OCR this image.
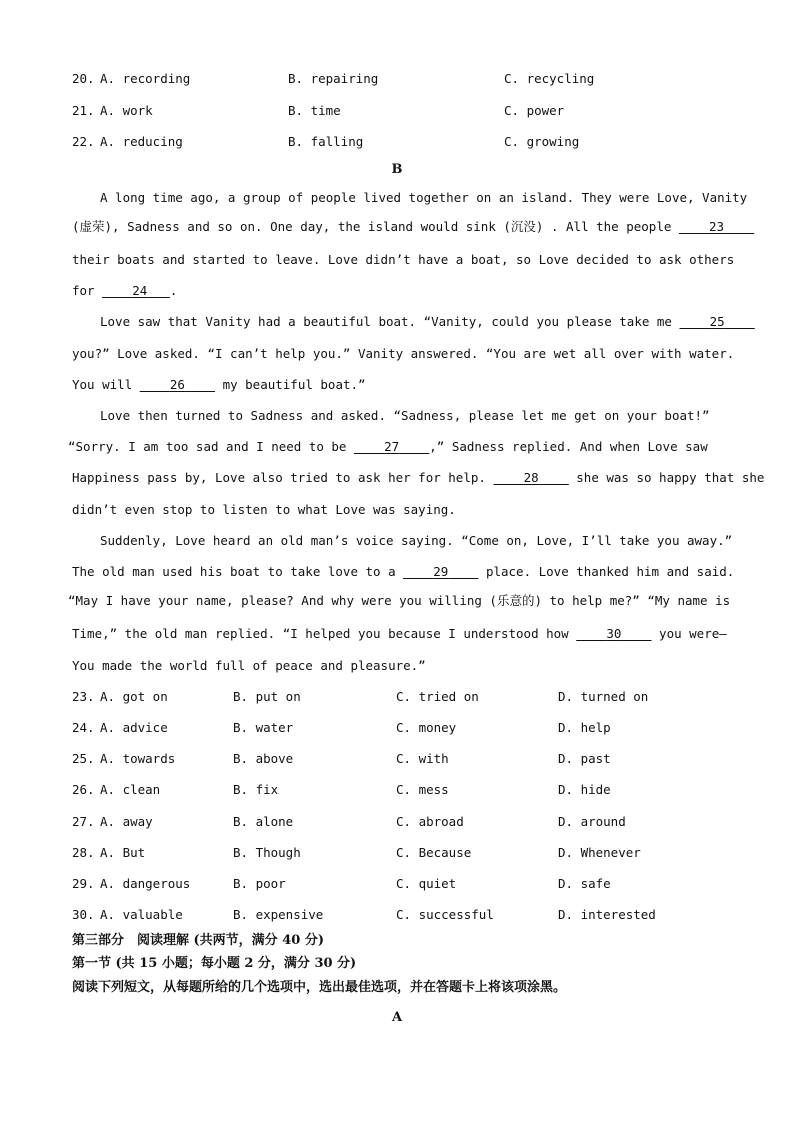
20. A. recording	B. repairing	C. recycling
21. A. work	B. time	C. power
22. A. reducing	B. falling	C. growing
B
A long time ago, a group of people lived together on an island. They were Love, Vanity
(虚荣), Sadness and so on. One day, the island would sink (沉没) . All the people	23
their boats and started to leave. Love didn’t have a boat, so Love decided to ask others
for	24 .
Love saw that Vanity had a beautiful boat. “Vanity, could you please take me	25
you?” Love asked. “I can’t help you.” Vanity answered. “You are wet all over with water.
You will	26	my beautiful boat.”
Love then turned to Sadness and asked. “Sadness, please let me get on your boat!”
“Sorry. I am too sad and I need to be	27 ,” Sadness replied. And when Love saw
Happiness pass by, Love also tried to ask her for help.	28	she was so happy that she
didn’t even stop to listen to what Love was saying.
Suddenly, Love heard an old man’s voice saying. “Come on, Love, I’ll take you away.”
The old man used his boat to take love to a	29	place. Love thanked him and said.
“May I have your name, please? And why were you willing (乐意的) to help me?” “My name is
Time,” the old man replied. “I helped you because I understood how	30	you were—
You made the world full of peace and pleasure.”
23. A. got on	B. put on	C. tried on	D. turned on
24. A. advice	B. water	C. money	D. help
25. A. towards	B. above	C. with	D. past
26. A. clean	B. fix	C. mess	D. hide
27. A. away	B. alone	C. abroad	D. around
28. A. But	B. Though	C. Because	D. Whenever
29. A. dangerous	B. poor	C. quiet	D. safe
30. A. valuable	B. expensive	C. successful	D. interested
第三部分　阅读理解 (共两节，满分 40 分)
第一节 (共 15 小题；每小题 2 分，满分 30 分)
阅读下列短文，从每题所给的几个选项中，选出最佳选项，并在答题卡上将该项涂黑。
A
